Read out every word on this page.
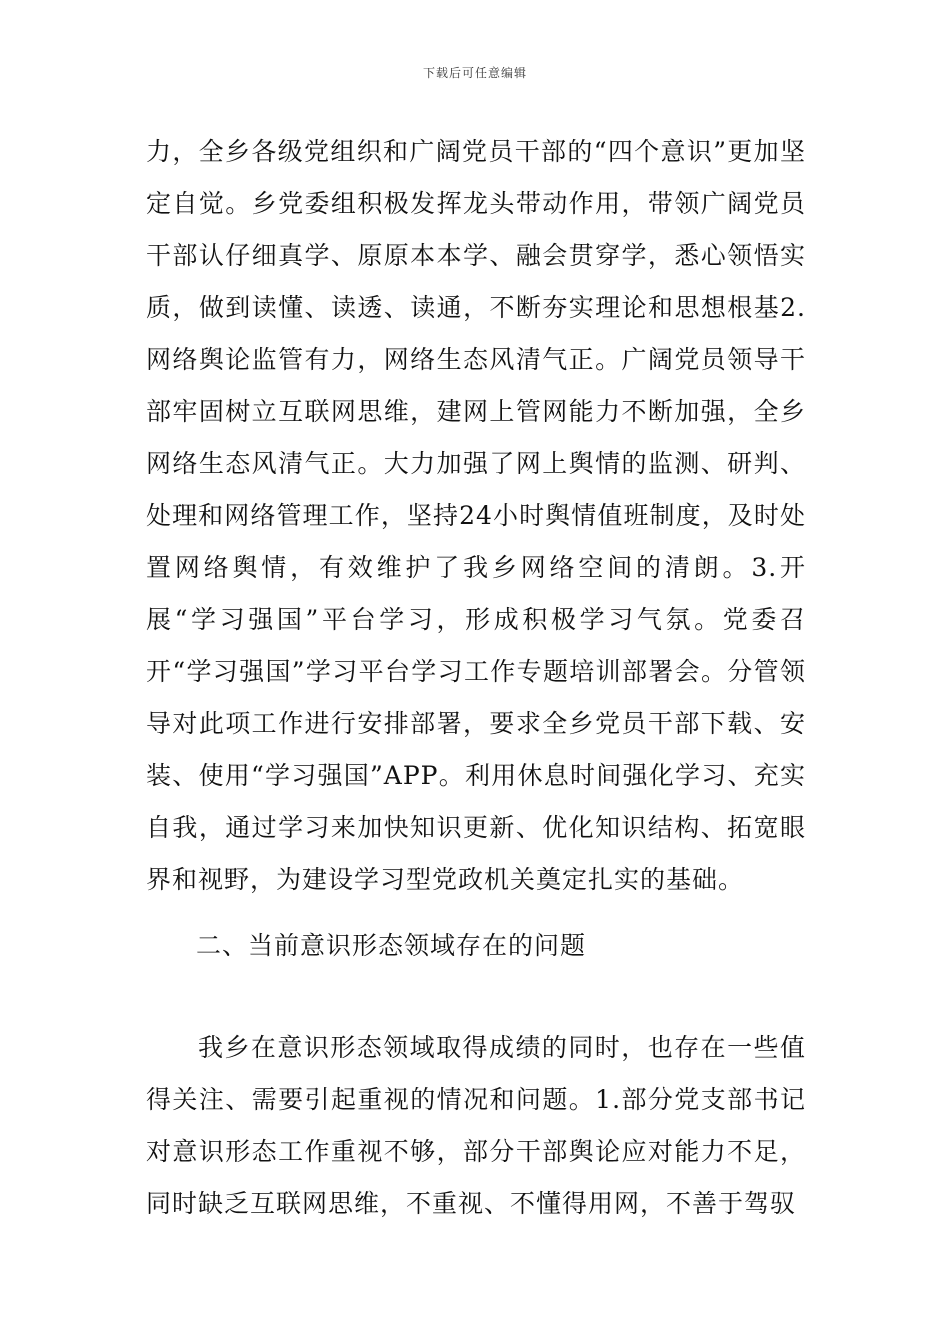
下载后可任意编辑

力，全乡各级党组织和广阔党员干部的“四个意识”更加坚定自觉。乡党委组积极发挥龙头带动作用，带领广阔党员干部认仔细真学、原原本本学、融会贯穿学，悉心领悟实质，做到读懂、读透、读通，不断夯实理论和思想根基2.网络舆论监管有力，网络生态风清气正。广阔党员领导干部牢固树立互联网思维，建网上管网能力不断加强，全乡网络生态风清气正。大力加强了网上舆情的监测、研判、处理和网络管理工作，坚持24小时舆情值班制度，及时处置网络舆情，有效维护了我乡网络空间的清朗。3.开展“学习强国”平台学习，形成积极学习气氛。党委召开“学习强国”学习平台学习工作专题培训部署会。分管领导对此项工作进行安排部署，要求全乡党员干部下载、安装、使用“学习强国”APP。利用休息时间强化学习、充实自我，通过学习来加快知识更新、优化知识结构、拓宽眼界和视野，为建设学习型党政机关奠定扎实的基础。

二、当前意识形态领域存在的问题

我乡在意识形态领域取得成绩的同时，也存在一些值得关注、需要引起重视的情况和问题。1.部分党支部书记对意识形态工作重视不够，部分干部舆论应对能力不足，同时缺乏互联网思维，不重视、不懂得用网，不善于驾驭
